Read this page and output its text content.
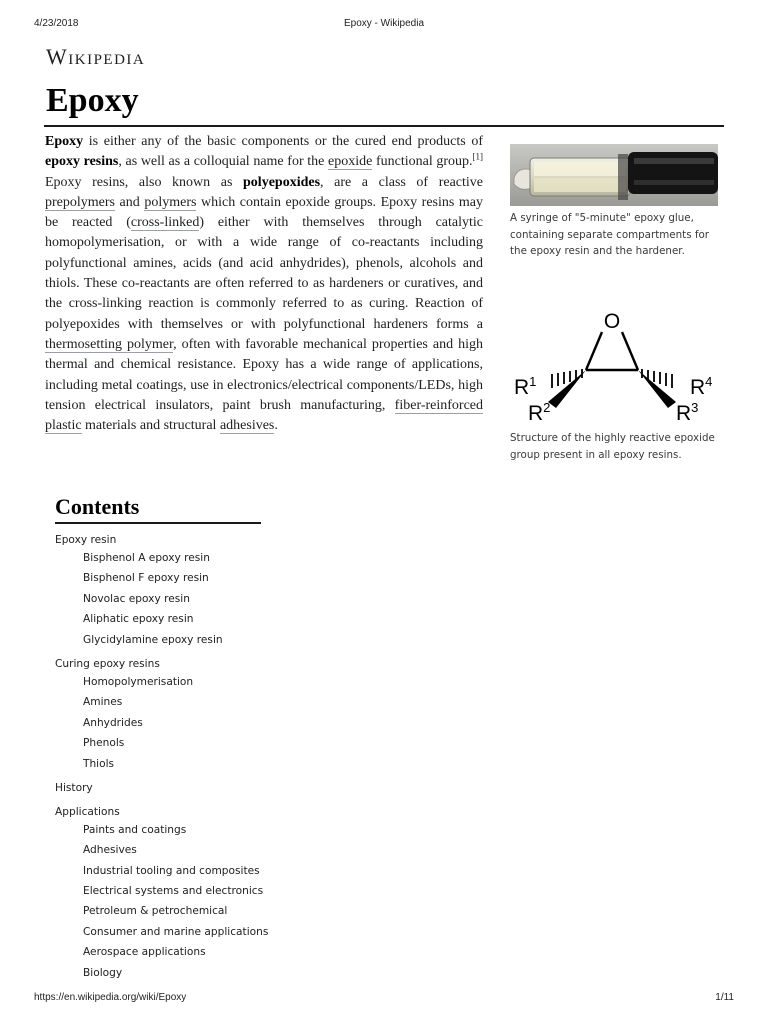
4/23/2018	Epoxy - Wikipedia
Wikipedia
Epoxy

Epoxy is either any of the basic components or the cured end products of epoxy resins, as well as a colloquial name for the epoxide functional group.[1] Epoxy resins, also known as polyepoxides, are a class of reactive prepolymers and polymers which contain epoxide groups. Epoxy resins may be reacted (cross-linked) either with themselves through catalytic homopolymerisation, or with a wide range of co-reactants including polyfunctional amines, acids (and acid anhydrides), phenols, alcohols and thiols. These co-reactants are often referred to as hardeners or curatives, and the cross-linking reaction is commonly referred to as curing. Reaction of polyepoxides with themselves or with polyfunctional hardeners forms a thermosetting polymer, often with favorable mechanical properties and high thermal and chemical resistance. Epoxy has a wide range of applications, including metal coatings, use in electronics/electrical components/LEDs, high tension electrical insulators, paint brush manufacturing, fiber-reinforced plastic materials and structural adhesives.

A syringe of "5-minute" epoxy glue, containing separate compartments for the epoxy resin and the hardener.
O
$R^1$
$R^2$	$R^3$
$R^4$
Structure of the highly reactive epoxide group present in all epoxy resins.
Contents
Epoxy resin
Bisphenol A epoxy resin
Bisphenol F epoxy resin
Novolac epoxy resin
Aliphatic epoxy resin
Glycidylamine epoxy resin
Curing epoxy resins
Homopolymerisation
Amines
Anhydrides
Phenols
Thiols
History
Applications
Paints and coatings
Adhesives
Industrial tooling and composites
Electrical systems and electronics
Petroleum & petrochemical
Consumer and marine applications
Aerospace applications
Biology
https://en.wikipedia.org/wiki/Epoxy	1/11
